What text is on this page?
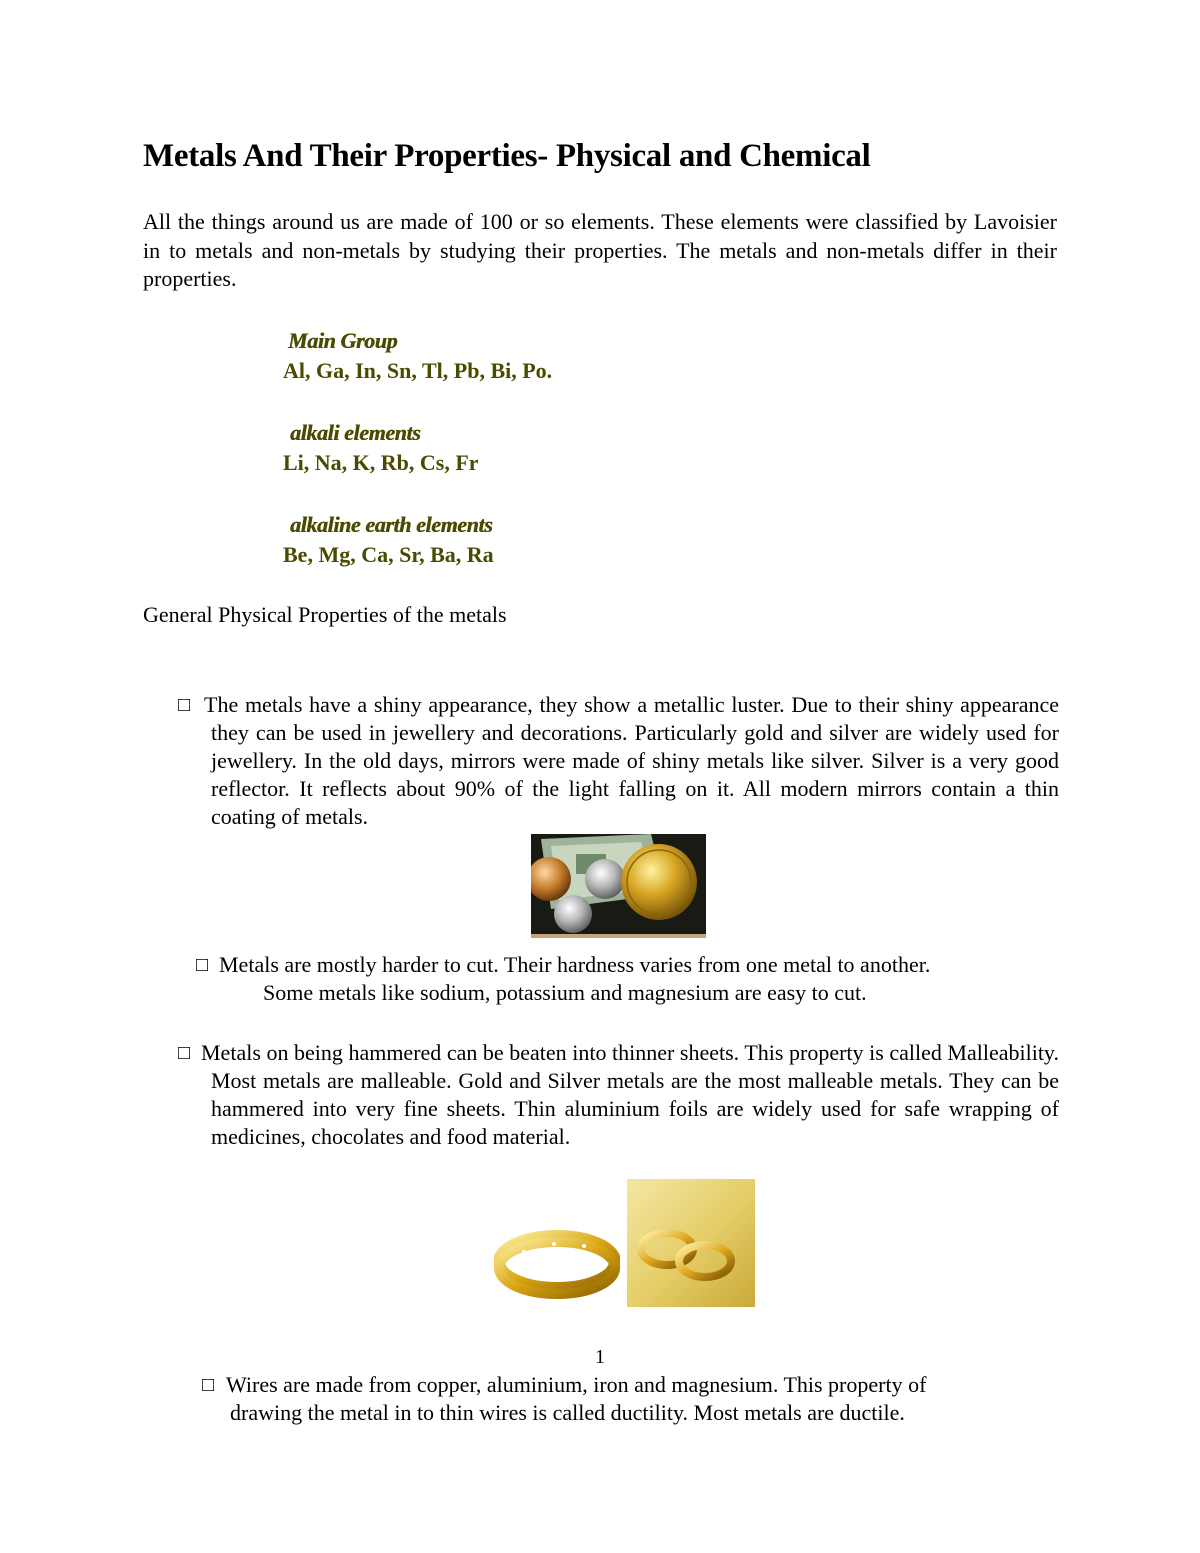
Metals And Their Properties- Physical and Chemical

All the things around us are made of 100 or so elements. These elements were classified by Lavoisier in to metals and non-metals by studying their properties. The metals and non-metals differ in their properties.

Main Group
Al, Ga, In, Sn, Tl, Pb, Bi, Po.
alkali elements
Li, Na, K, Rb, Cs, Fr
alkaline earth elements
Be, Mg, Ca, Sr, Ba, Ra
General Physical Properties of the metals
□ The metals have a shiny appearance, they show a metallic luster. Due to their shiny appearance they can be used in jewellery and decorations. Particularly gold and silver are widely used for jewellery. In the old days, mirrors were made of shiny metals like silver. Silver is a very good reflector. It reflects about 90% of the light falling on it. All modern mirrors contain a thin coating of metals.

□ Metals are mostly harder to cut. Their hardness varies from one metal to another.
Some metals like sodium, potassium and magnesium are easy to cut.
□ Metals on being hammered can be beaten into thinner sheets. This property is called Malleability. Most metals are malleable. Gold and Silver metals are the most malleable metals. They can be hammered into very fine sheets. Thin aluminium foils are widely used for safe wrapping of medicines, chocolates and food material.

1
□ Wires are made from copper, aluminium, iron and magnesium. This property of
drawing the metal in to thin wires is called ductility. Most metals are ductile.
